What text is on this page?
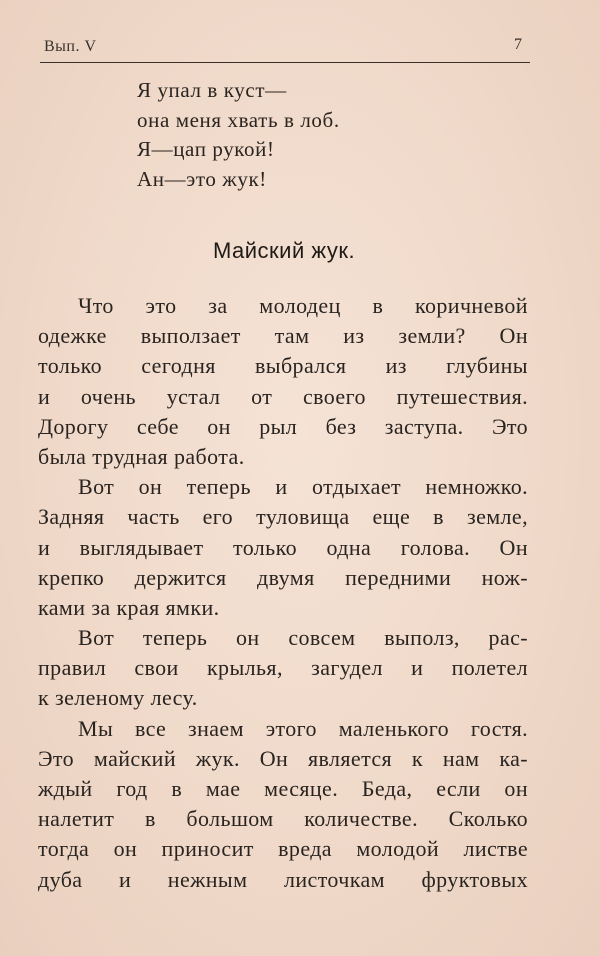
Вып. V	7
Я упал в куст—
она меня хвать в лоб.
Я—цап рукой!
Ан—это жук!
Майский жук.
Что это за молодец в коричневой
одежке выползает там из земли? Он
только сегодня выбрался из глубины
и очень устал от своего путешествия.
Дорогу себе он рыл без заступа. Это
была трудная работа.
Вот он теперь и отдыхает немножко.
Задняя часть его туловища еще в земле,
и выглядывает только одна голова. Он
крепко держится двумя передними нож-
ками за края ямки.
Вот теперь он совсем выполз, рас-
правил свои крылья, загудел и полетел
к зеленому лесу.
Мы все знаем этого маленького гостя.
Это майский жук. Он является к нам ка-
ждый год в мае месяце. Беда, если он
налетит в большом количестве. Сколько
тогда он приносит вреда молодой листве
дуба и нежным листочкам фруктовых
